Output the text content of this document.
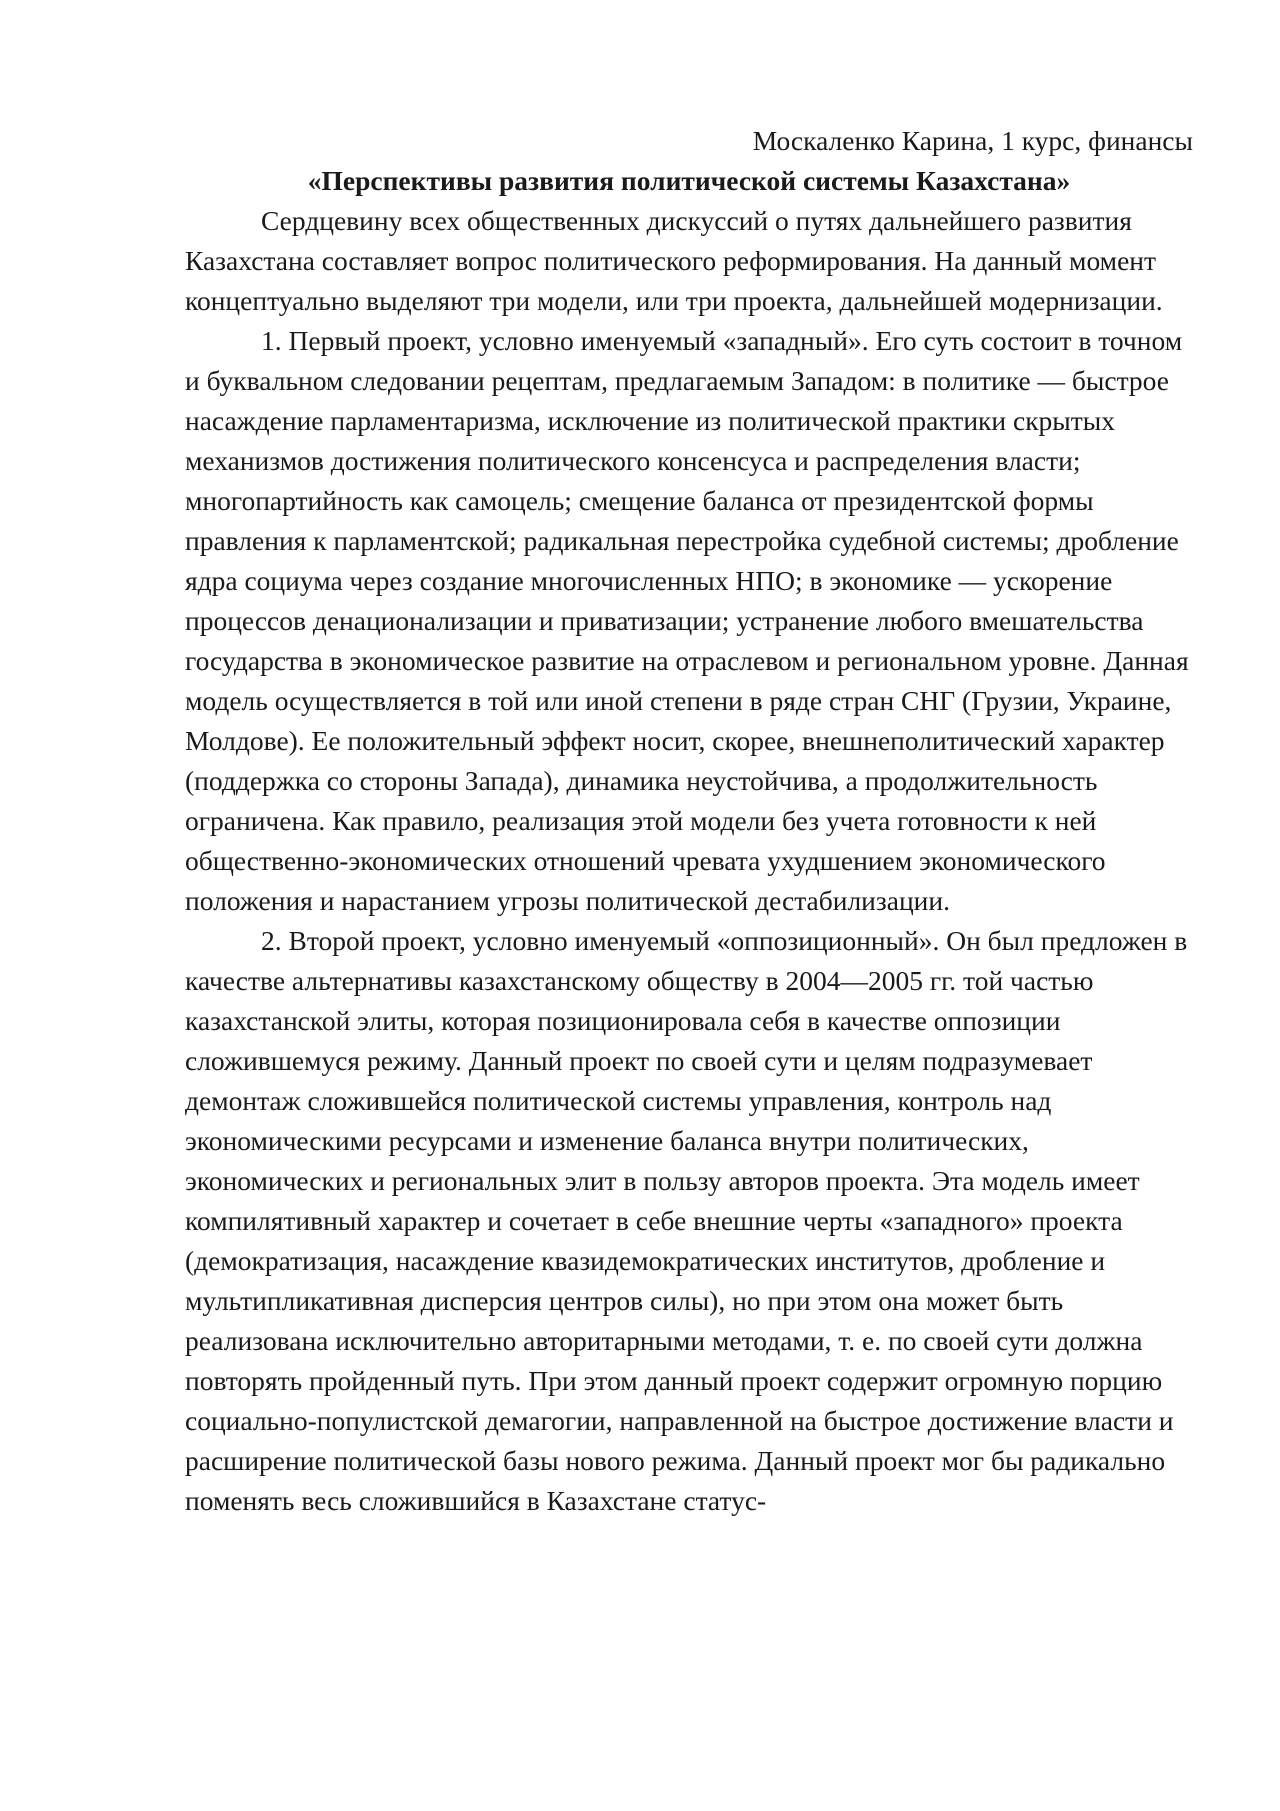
Москаленко Карина, 1 курс, финансы

«Перспективы развития политической системы Казахстана»

Сердцевину всех общественных дискуссий о путях дальнейшего развития Казахстана составляет вопрос политического реформирования. На данный момент концептуально выделяют три модели, или три проекта, дальнейшей модернизации.

1. Первый проект, условно именуемый «западный». Его суть состоит в точном и буквальном следовании рецептам, предлагаемым Западом: в политике — быстрое насаждение парламентаризма, исключение из политической практики скрытых механизмов достижения политического консенсуса и распределения власти; многопартийность как самоцель; смещение баланса от президентской формы правления к парламентской; радикальная перестройка судебной системы; дробление ядра социума через создание многочисленных НПО; в экономике — ускорение процессов денационализации и приватизации; устранение любого вмешательства государства в экономическое развитие на отраслевом и региональном уровне. Данная модель осуществляется в той или иной степени в ряде стран СНГ (Грузии, Украине, Молдове). Ее положительный эффект носит, скорее, внешнеполитический характер (поддержка со стороны Запада), динамика неустойчива, а продолжительность ограничена. Как правило, реализация этой модели без учета готовности к ней общественно-экономических отношений чревата ухудшением экономического положения и нарастанием угрозы политической дестабилизации.

2. Второй проект, условно именуемый «оппозиционный». Он был предложен в качестве альтернативы казахстанскому обществу в 2004—2005 гг. той частью казахстанской элиты, которая позиционировала себя в качестве оппозиции сложившемуся режиму. Данный проект по своей сути и целям подразумевает демонтаж сложившейся политической системы управления, контроль над экономическими ресурсами и изменение баланса внутри политических, экономических и региональных элит в пользу авторов проекта. Эта модель имеет компилятивный характер и сочетает в себе внешние черты «западного» проекта (демократизация, насаждение квазидемократических институтов, дробление и мультипликативная дисперсия центров силы), но при этом она может быть реализована исключительно авторитарными методами, т. е. по своей сути должна повторять пройденный путь. При этом данный проект содержит огромную порцию социально-популистской демагогии, направленной на быстрое достижение власти и расширение политической базы нового режима. Данный проект мог бы радикально поменять весь сложившийся в Казахстане статус-
